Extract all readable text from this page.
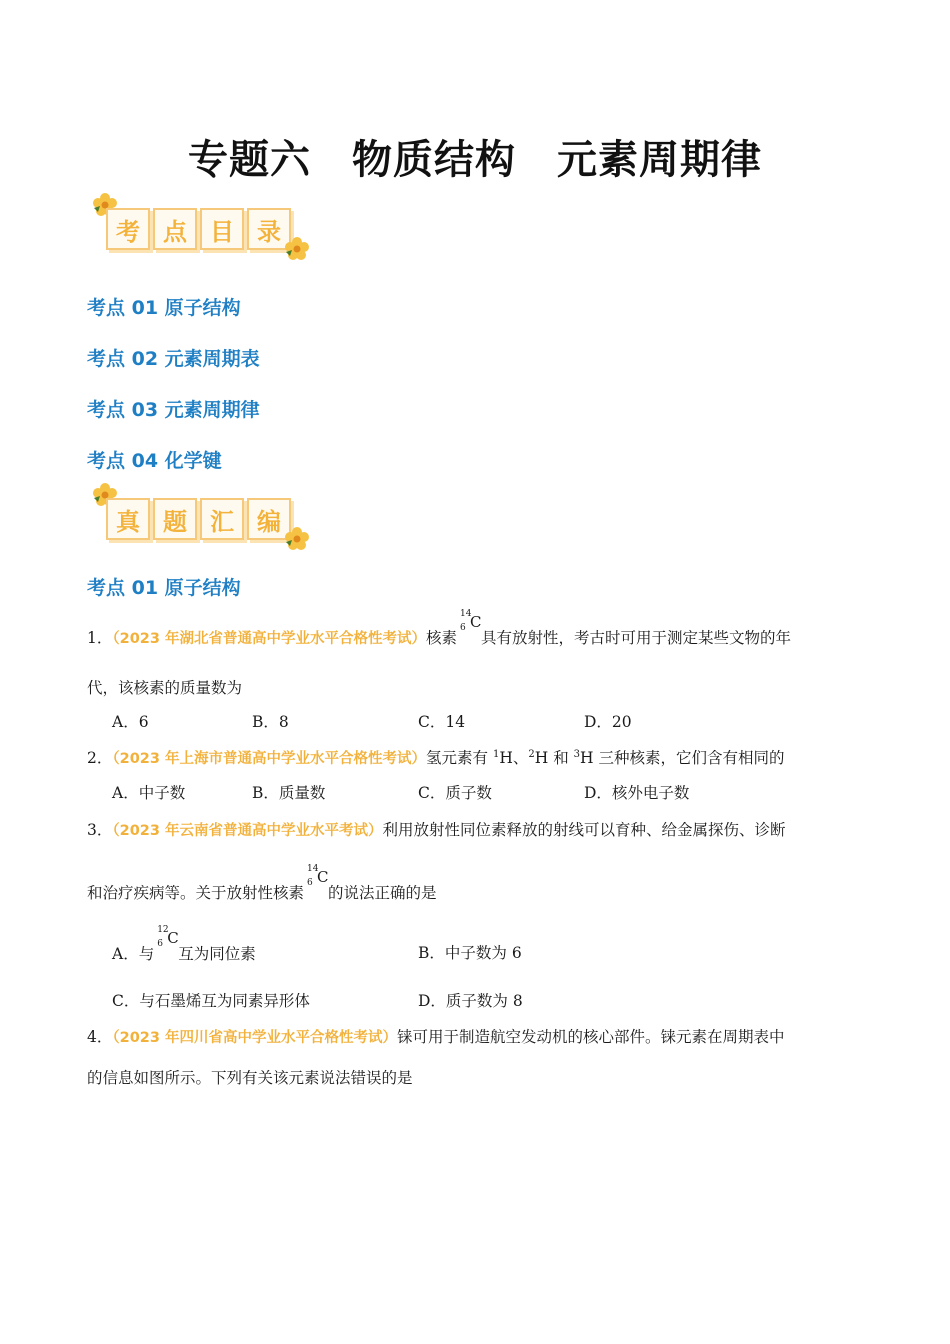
专题六　物质结构　元素周期律
考 点 目 录
考点 01 原子结构
考点 02 元素周期表
考点 03 元素周期律
考点 04 化学键
真 题 汇 编
考点 01 原子结构
1．（2023 年湖北省普通高中学业水平合格性考试）核素
14
6 C
具有放射性，考古时可用于测定某些文物的年
代，该核素的质量数为
A．6	B．8	C．14	D．20
2．（2023 年上海市普通高中学业水平合格性考试）氢元素有 $^1$H、$^2$H 和 $^3$H 三种核素，它们含有相同的
A．中子数	B．质量数	C．质子数	D．核外电子数
3．（2023 年云南省普通高中学业水平考试）利用放射性同位素释放的射线可以育种、给金属探伤、诊断
和治疗疾病等。关于放射性核素
14
6 C
的说法正确的是
A．与
12
6 C
互为同位素	B．中子数为 6
C．与石墨烯互为同素异形体	D．质子数为 8
4．（2023 年四川省高中学业水平合格性考试）铼可用于制造航空发动机的核心部件。铼元素在周期表中
的信息如图所示。下列有关该元素说法错误的是
